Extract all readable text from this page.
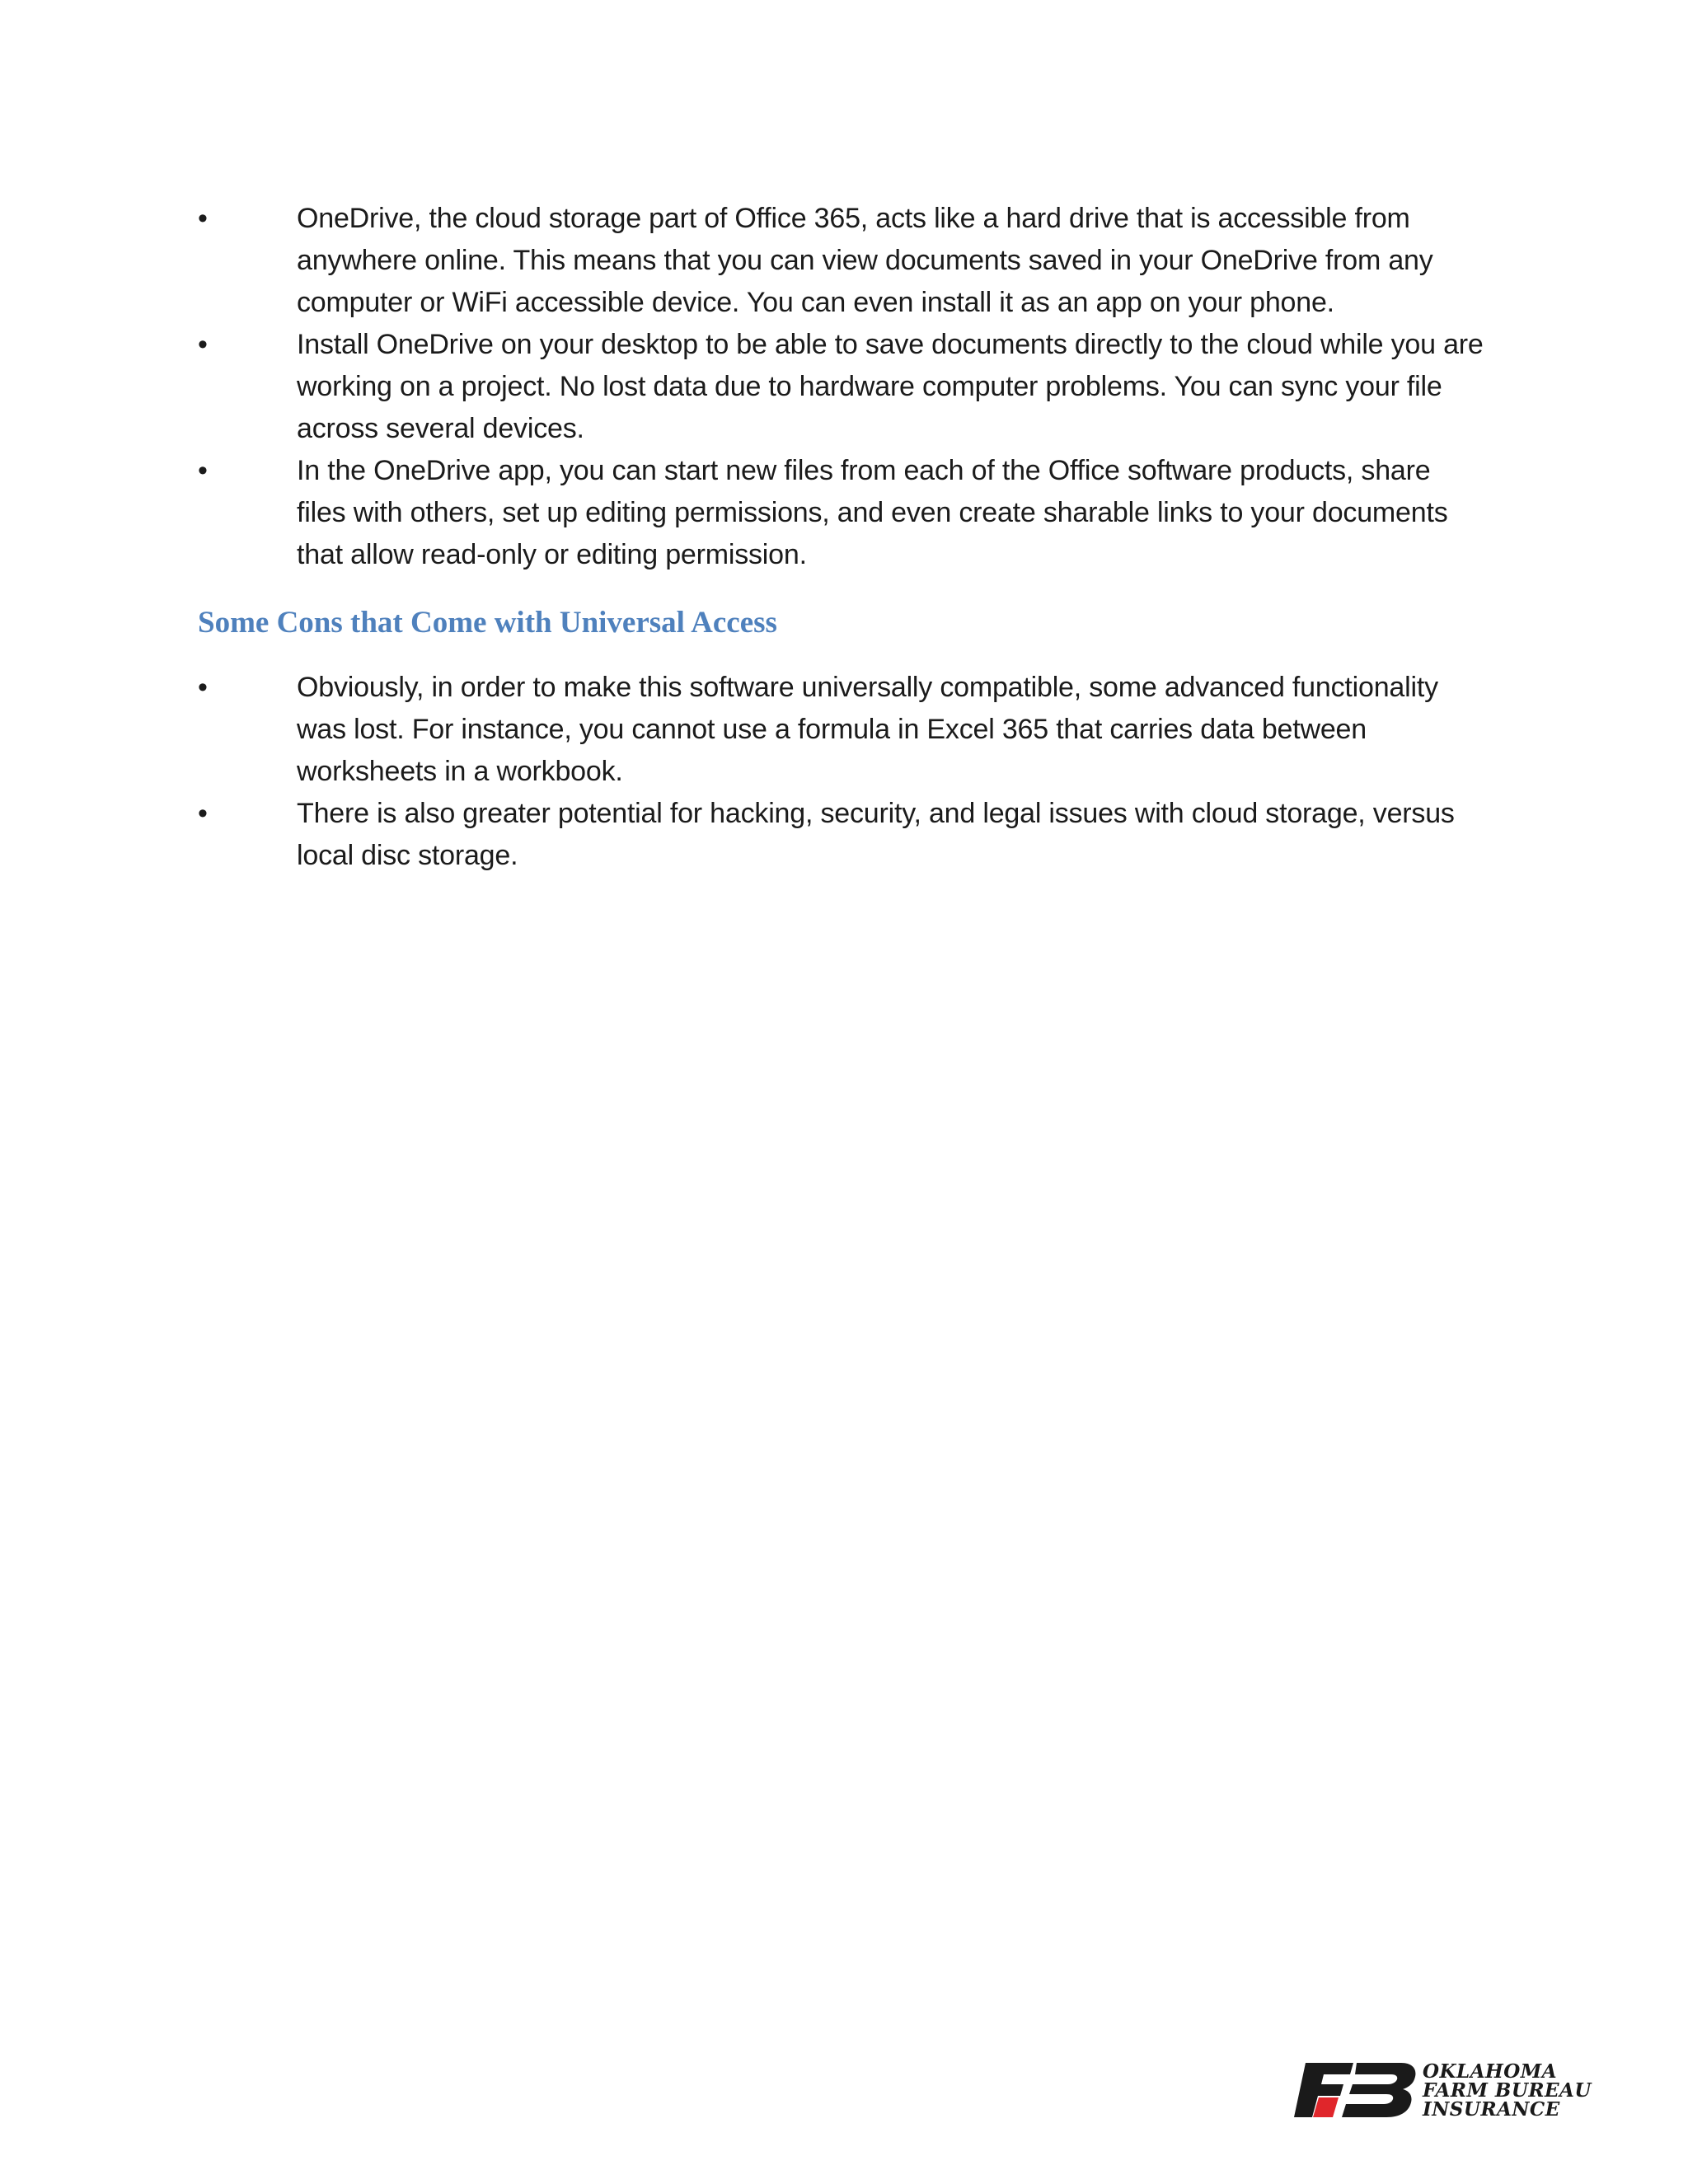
•	OneDrive, the cloud storage part of Office 365, acts like a hard drive that is accessible from anywhere online. This means that you can view documents saved in your OneDrive from any computer or WiFi accessible device. You can even install it as an app on your phone.
•	Install OneDrive on your desktop to be able to save documents directly to the cloud while you are working on a project. No lost data due to hardware computer problems. You can sync your file across several devices.
•	In the OneDrive app, you can start new files from each of the Office software products, share files with others, set up editing permissions, and even create sharable links to your documents that allow read-only or editing permission.
Some Cons that Come with Universal Access
•	Obviously, in order to make this software universally compatible, some advanced functionality was lost. For instance, you cannot use a formula in Excel 365 that carries data between worksheets in a workbook.
•	There is also greater potential for hacking, security, and legal issues with cloud storage, versus local disc storage.
OKLAHOMA
FARM BUREAU
INSURANCE
